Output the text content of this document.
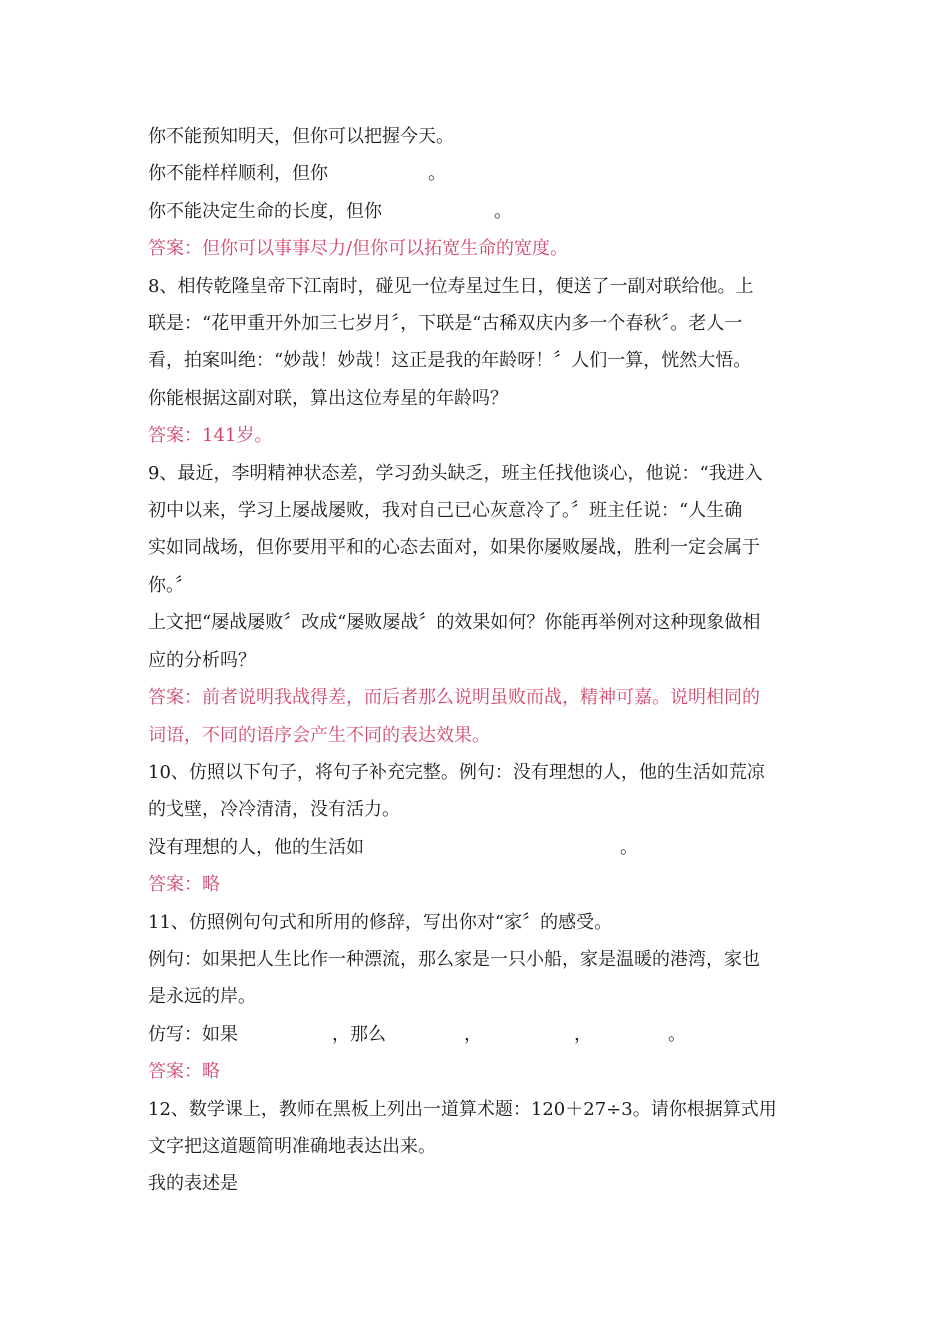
你不能预知明天，但你可以把握今天。
你不能样样顺利，但你	。
你不能决定生命的长度，但你	。
答案：但你可以事事尽力/但你可以拓宽生命的宽度。
8、相传乾隆皇帝下江南时，碰见一位寿星过生日，便送了一副对联给他。上
联是：“花甲重开外加三七岁月〞，下联是“古稀双庆内多一个春秋〞。老人一
看，拍案叫绝：“妙哉！妙哉！这正是我的年龄呀！〞人们一算，恍然大悟。
你能根据这副对联，算出这位寿星的年龄吗？
答案：141岁。
9、最近，李明精神状态差，学习劲头缺乏，班主任找他谈心，他说：“我进入
初中以来，学习上屡战屡败，我对自己已心灰意冷了。〞班主任说：“人生确
实如同战场，但你要用平和的心态去面对，如果你屡败屡战，胜利一定会属于
你。〞
上文把“屡战屡败〞改成“屡败屡战〞的效果如何？你能再举例对这种现象做相
应的分析吗？
答案：前者说明我战得差，而后者那么说明虽败而战，精神可嘉。说明相同的
词语，不同的语序会产生不同的表达效果。
10、仿照以下句子，将句子补充完整。例句：没有理想的人，他的生活如荒凉
的戈壁，冷冷清清，没有活力。
没有理想的人，他的生活如	。
答案：略
11、仿照例句句式和所用的修辞，写出你对“家〞的感受。
例句：如果把人生比作一种漂流，那么家是一只小船，家是温暖的港湾，家也
是永远的岸。
仿写：如果	，那么	，	，	。
答案：略
12、数学课上，教师在黑板上列出一道算术题：120＋27÷3。请你根据算式用
文字把这道题简明准确地表达出来。
我的表述是
